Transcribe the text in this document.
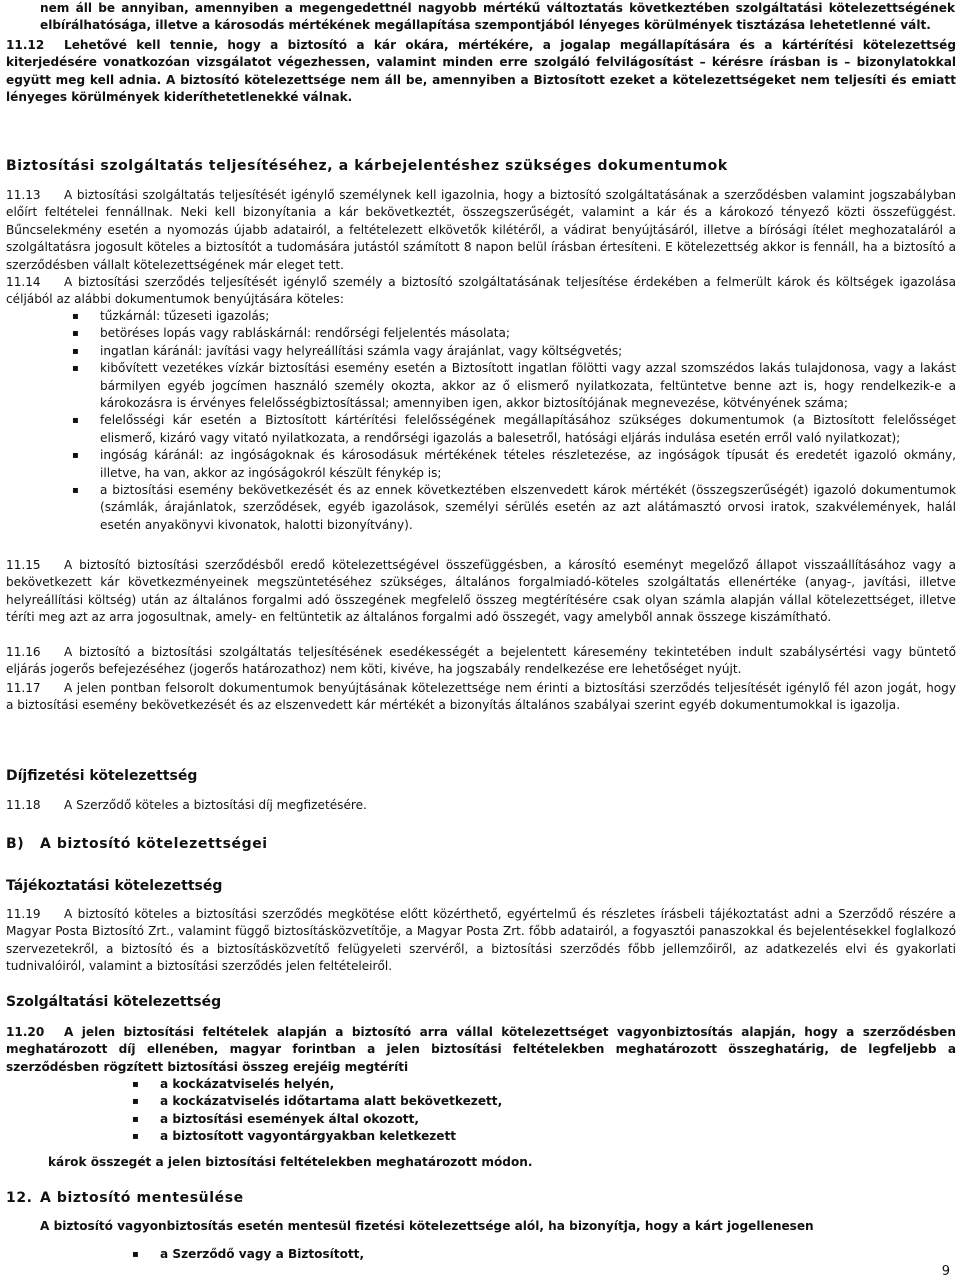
nem áll be annyiban, amennyiben a megengedettnél nagyobb mértékű változtatás következtében szolgáltatási kötelezettségének elbírálhatósága, illetve a károsodás mértékének megállapítása szempontjából lényeges körülmények tisztázása lehetetlenné vált.

11.12 Lehetővé kell tennie, hogy a biztosító a kár okára, mértékére, a jogalap megállapítására és a kártérítési kötelezettség kiterjedésére vonatkozóan vizsgálatot végezhessen, valamint minden erre szolgáló felvilágosítást – kérésre írásban is – bizonylatokkal együtt meg kell adnia. A biztosító kötelezettsége nem áll be, amennyiben a Biztosított ezeket a kötelezettségeket nem teljesíti és emiatt lényeges körülmények kideríthetetlenekké válnak.

Biztosítási szolgáltatás teljesítéséhez, a kárbejelentéshez szükséges dokumentumok

11.13 A biztosítási szolgáltatás teljesítését igénylő személynek kell igazolnia, hogy a biztosító szolgáltatásának a szerződésben valamint jogszabályban előírt feltételei fennállnak. Neki kell bizonyítania a kár bekövetkeztét, összegszerűségét, valamint a kár és a károkozó tényező közti összefüggést. Bűncselekmény esetén a nyomozás újabb adatairól, a feltételezett elkövetők kilétéről, a vádirat benyújtásáról, illetve a bírósági ítélet meghozataláról a szolgáltatásra jogosult köteles a biztosítót a tudomására jutástól számított 8 napon belül írásban értesíteni. E kötelezettség akkor is fennáll, ha a biztosító a szerződésben vállalt kötelezettségének már eleget tett.

11.14 A biztosítási szerződés teljesítését igénylő személy a biztosító szolgáltatásának teljesítése érdekében a felmerült károk és költségek igazolása céljából az alábbi dokumentumok benyújtására köteles:

▪ tűzkárnál: tűzeseti igazolás;
▪ betöréses lopás vagy rabláskárnál: rendőrségi feljelentés másolata;
▪ ingatlan káránál: javítási vagy helyreállítási számla vagy árajánlat, vagy költségvetés;
▪ kibővített vezetékes vízkár biztosítási esemény esetén a Biztosított ingatlan fölötti vagy azzal szomszédos lakás tulajdonosa, vagy a lakást bármilyen egyéb jogcímen használó személy okozta, akkor az ő elismerő nyilatkozata, feltüntetve benne azt is, hogy rendelkezik-e a károkozásra is érvényes felelősségbiztosítással; amennyiben igen, akkor biztosítójának megnevezése, kötvényének száma;
▪ felelősségi kár esetén a Biztosított kártérítési felelősségének megállapításához szükséges dokumentumok (a Biztosított felelősséget elismerő, kizáró vagy vitató nyilatkozata, a rendőrségi igazolás a balesetről, hatósági eljárás indulása esetén erről való nyilatkozat);
▪ ingóság káránál: az ingóságoknak és károsodásuk mértékének tételes részletezése, az ingóságok típusát és eredetét igazoló okmány, illetve, ha van, akkor az ingóságokról készült fénykép is;
▪ a biztosítási esemény bekövetkezését és az ennek következtében elszenvedett károk mértékét (összegszerűségét) igazoló dokumentumok (számlák, árajánlatok, szerződések, egyéb igazolások, személyi sérülés esetén az azt alátámasztó orvosi iratok, szakvélemények, halál esetén anyakönyvi kivonatok, halotti bizonyítvány).

11.15 A biztosító biztosítási szerződésből eredő kötelezettségével összefüggésben, a károsító eseményt megelőző állapot visszaállításához vagy a bekövetkezett kár következményeinek megszüntetéséhez szükséges, általános forgalmiadó-köteles szolgáltatás ellenértéke (anyag-, javítási, illetve helyreállítási költség) után az általános forgalmi adó összegének megfelelő összeg megtérítésére csak olyan számla alapján vállal kötelezettséget, illetve téríti meg azt az arra jogosultnak, amely- en feltüntetik az általános forgalmi adó összegét, vagy amelyből annak összege kiszámítható.

11.16 A biztosító a biztosítási szolgáltatás teljesítésének esedékességét a bejelentett káresemény tekintetében indult szabálysértési vagy büntető eljárás jogerős befejezéséhez (jogerős határozathoz) nem köti, kivéve, ha jogszabály rendelkezése ere lehetőséget nyújt.

11.17 A jelen pontban felsorolt dokumentumok benyújtásának kötelezettsége nem érinti a biztosítási szerződés teljesítését igénylő fél azon jogát, hogy a biztosítási esemény bekövetkezését és az elszenvedett kár mértékét a bizonyítás általános szabályai szerint egyéb dokumentumokkal is igazolja.

Díjfizetési kötelezettség

11.18 A Szerződő köteles a biztosítási díj megfizetésére.

B) A biztosító kötelezettségei
Tájékoztatási kötelezettség

11.19 A biztosító köteles a biztosítási szerződés megkötése előtt közérthető, egyértelmű és részletes írásbeli tájékoztatást adni a Szerződő részére a Magyar Posta Biztosító Zrt., valamint függő biztosításközvetítője, a Magyar Posta Zrt. főbb adatairól, a fogyasztói panaszokkal és bejelentésekkel foglalkozó szervezetekről, a biztosító és a biztosításközvetítő felügyeleti szervéről, a biztosítási szerződés főbb jellemzőiről, az adatkezelés elvi és gyakorlati tudnivalóiról, valamint a biztosítási szerződés jelen feltételeiről.

Szolgáltatási kötelezettség

11.20 A jelen biztosítási feltételek alapján a biztosító arra vállal kötelezettséget vagyonbiztosítás alapján, hogy a szerződésben meghatározott díj ellenében, magyar forintban a jelen biztosítási feltételekben meghatározott összeghatárig, de legfeljebb a szerződésben rögzített biztosítási összeg erejéig megtéríti

▪ a kockázatviselés helyén,
▪ a kockázatviselés időtartama alatt bekövetkezett,
▪ a biztosítási események által okozott,
▪ a biztosított vagyontárgyakban keletkezett

károk összegét a jelen biztosítási feltételekben meghatározott módon.

12. A biztosító mentesülése

A biztosító vagyonbiztosítás esetén mentesül fizetési kötelezettsége alól, ha bizonyítja, hogy a kárt jogellenesen

▪ a Szerződő vagy a Biztosított,
9
